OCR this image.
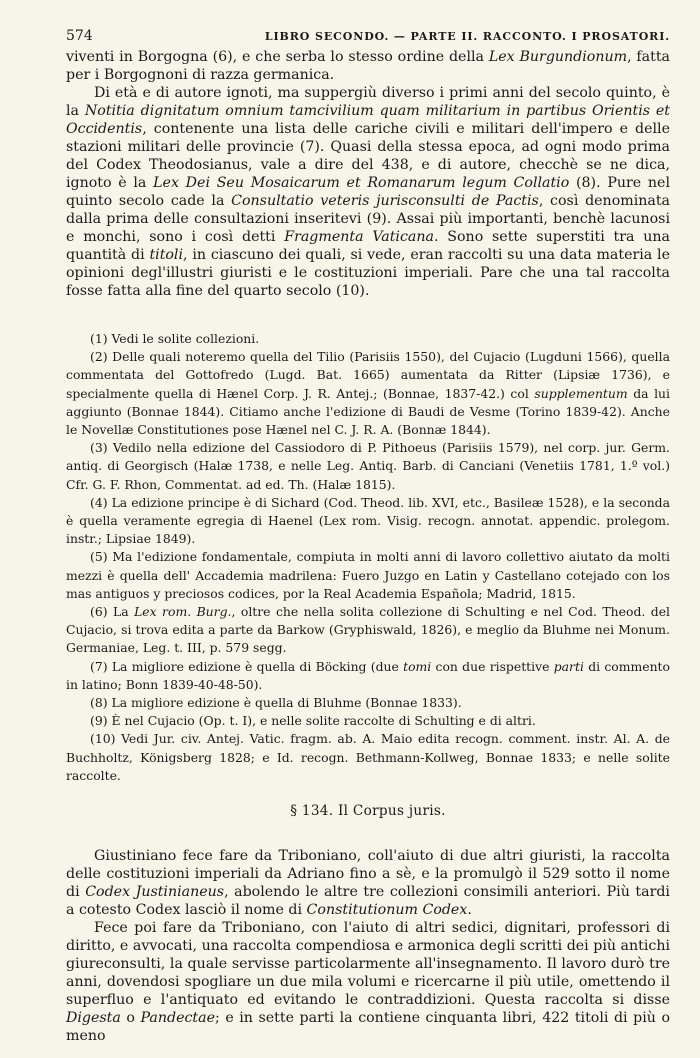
574	LIBRO SECONDO. — PARTE II. RACCONTO. I PROSATORI.

viventi in Borgogna (6), e che serba lo stesso ordine della Lex Burgundionum, fatta per i Borgognoni di razza germanica.

Di età e di autore ignoti, ma suppergiù diverso i primi anni del secolo quinto, è la Notitia dignitatum omnium tamcivilium quam militarium in partibus Orientis et Occidentis, contenente una lista delle cariche civili e militari dell'impero e delle stazioni militari delle provincie (7). Quasi della stessa epoca, ad ogni modo prima del Codex Theodosianus, vale a dire del 438, e di autore, checchè se ne dica, ignoto è la Lex Dei Seu Mosaicarum et Romanarum legum Collatio (8). Pure nel quinto secolo cade la Consultatio veteris jurisconsulti de Pactis, così denominata dalla prima delle consultazioni inseritevi (9). Assai più importanti, benchè lacunosi e monchi, sono i così detti Fragmenta Vaticana. Sono sette superstiti tra una quantità di titoli, in ciascuno dei quali, si vede, eran raccolti su una data materia le opinioni degl'illustri giuristi e le costituzioni imperiali. Pare che una tal raccolta fosse fatta alla fine del quarto secolo (10).

(1) Vedi le solite collezioni.

(2) Delle quali noteremo quella del Tilio (Parisiis 1550), del Cujacio (Lugduni 1566), quella commentata del Gottofredo (Lugd. Bat. 1665) aumentata da Ritter (Lipsiæ 1736), e specialmente quella di Hænel Corp. J. R. Antej.; (Bonnae, 1837-42.) col supplementum da lui aggiunto (Bonnae 1844). Citiamo anche l'edizione di Baudi de Vesme (Torino 1839-42). Anche le Novellæ Constitutiones pose Hænel nel C. J. R. A. (Bonnæ 1844).

(3) Vedilo nella edizione del Cassiodoro di P. Pithoeus (Parisiis 1579), nel corp. jur. Germ. antiq. di Georgisch (Halæ 1738, e nelle Leg. Antiq. Barb. di Canciani (Venetiis 1781, 1.º vol.) Cfr. G. F. Rhon, Commentat. ad ed. Th. (Halæ 1815).

(4) La edizione principe è di Sichard (Cod. Theod. lib. XVI, etc., Basileæ 1528), e la seconda è quella veramente egregia di Haenel (Lex rom. Visig. recogn. annotat. appendic. prolegom. instr.; Lipsiae 1849).

(5) Ma l'edizione fondamentale, compiuta in molti anni di lavoro collettivo aiutato da molti mezzi è quella dell' Accademia madrilena: Fuero Juzgo en Latin y Castellano cotejado con los mas antiguos y preciosos codices, por la Real Academia Española; Madrid, 1815.

(6) La Lex rom. Burg., oltre che nella solita collezione di Schulting e nel Cod. Theod. del Cujacio, si trova edita a parte da Barkow (Gryphiswald, 1826), e meglio da Bluhme nei Monum. Germaniae, Leg. t. III, p. 579 segg.

(7) La migliore edizione è quella di Böcking (due tomi con due rispettive parti di commento in latino; Bonn 1839-40-48-50).

(8) La migliore edizione è quella di Bluhme (Bonnae 1833).

(9) È nel Cujacio (Op. t. I), e nelle solite raccolte di Schulting e di altri.

(10) Vedi Jur. civ. Antej. Vatic. fragm. ab. A. Maio edita recogn. comment. instr. Al. A. de Buchholtz, Königsberg 1828; e Id. recogn. Bethmann-Kollweg, Bonnae 1833; e nelle solite raccolte.

§ 134. Il Corpus juris.

Giustiniano fece fare da Triboniano, coll'aiuto di due altri giuristi, la raccolta delle costituzioni imperiali da Adriano fino a sè, e la promulgò il 529 sotto il nome di Codex Justinianeus, abolendo le altre tre collezioni consimili anteriori. Più tardi a cotesto Codex lasciò il nome di Constitutionum Codex.

Fece poi fare da Triboniano, con l'aiuto di altri sedici, dignitari, professori di diritto, e avvocati, una raccolta compendiosa e armonica degli scritti dei più antichi giureconsulti, la quale servisse particolarmente all'insegnamento. Il lavoro durò tre anni, dovendosi spogliare un due mila volumi e ricercarne il più utile, omettendo il superfluo e l'antiquato ed evitando le contraddizioni. Questa raccolta si disse Digesta o Pandectae; e in sette parti la contiene cinquanta libri, 422 titoli di più o meno
